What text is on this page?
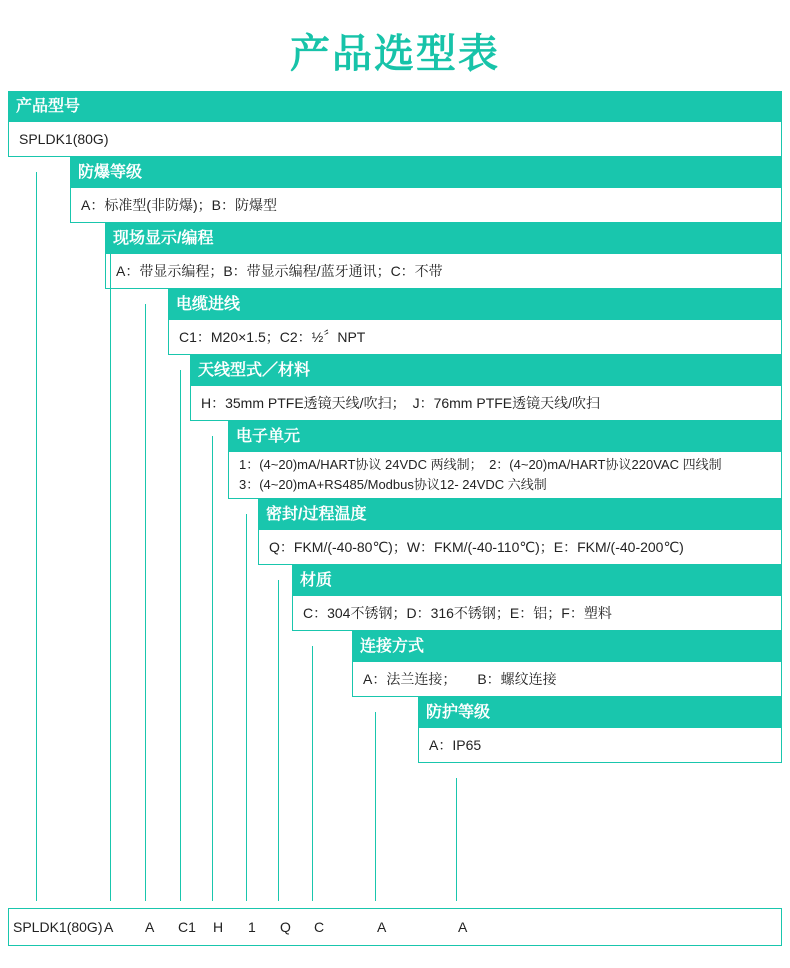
产品选型表
产品型号
SPLDK1(80G)
防爆等级
A：标准型(非防爆)；B：防爆型
现场显示/编程
A：带显示编程；B：带显示编程/蓝牙通讯；C：不带
电缆进线
C1：M20×1.5；C2：½〞NPT
天线型式／材料
H：35mm PTFE透镜天线/吹扫；　J：76mm PTFE透镜天线/吹扫
电子单元
1：(4~20)mA/HART协议 24VDC 两线制；　2：(4~20)mA/HART协议220VAC 四线制
3：(4~20)mA+RS485/Modbus协议12- 24VDC 六线制
密封/过程温度
Q：FKM/(-40-80℃)；W：FKM/(-40-110℃)；E：FKM/(-40-200℃)
材质
C：304不锈钢；D：316不锈钢；E：铝；F：塑料
连接方式
A：法兰连接；　　B：螺纹连接
防护等级
A：IP65
SPLDK1(80G) A A C1 H 1 Q C	A	A
